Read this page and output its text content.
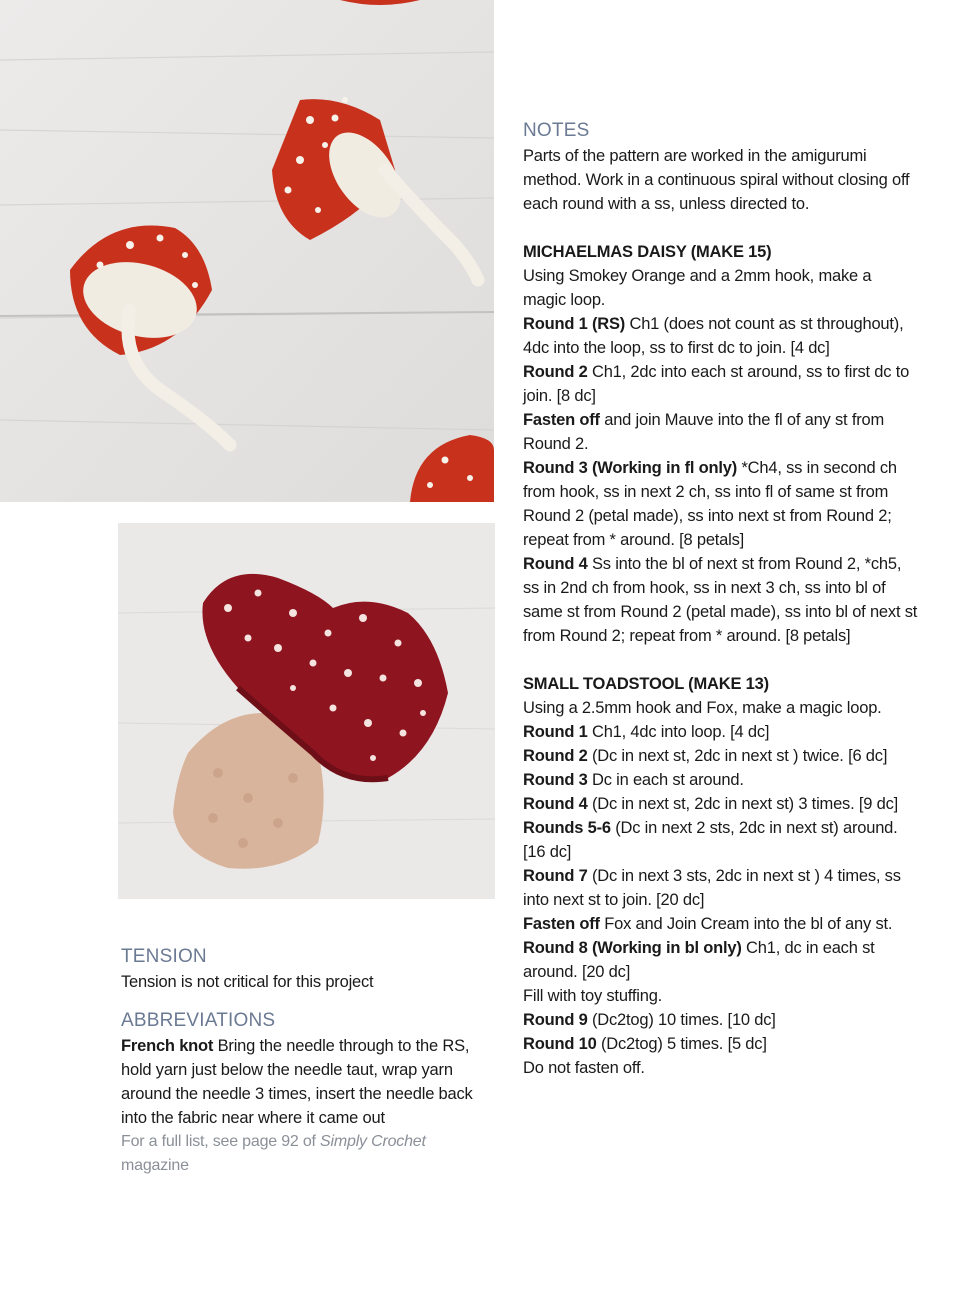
NOTES

Parts of the pattern are worked in the amigurumi method. Work in a continuous spiral without closing off each round with a ss, unless directed to.

MICHAELMAS DAISY (MAKE 15)

Using Smokey Orange and a 2mm hook, make a magic loop.

Round 1 (RS) Ch1 (does not count as st throughout), 4dc into the loop, ss to first dc to join. [4 dc]

Round 2 Ch1, 2dc into each st around, ss to first dc to join. [8 dc]

Fasten off and join Mauve into the fl of any st from Round 2.

Round 3 (Working in fl only) *Ch4, ss in second ch from hook, ss in next 2 ch, ss into fl of same st from Round 2 (petal made), ss into next st from Round 2; repeat from * around. [8 petals]

Round 4 Ss into the bl of next st from Round 2, *ch5, ss in 2nd ch from hook, ss in next 3 ch, ss into bl of same st from Round 2 (petal made), ss into bl of next st from Round 2; repeat from * around. [8 petals]

SMALL TOADSTOOL (MAKE 13)

Using a 2.5mm hook and Fox, make a magic loop.

Round 1 Ch1, 4dc into loop. [4 dc]

Round 2 (Dc in next st, 2dc in next st ) twice. [6 dc]

Round 3 Dc in each st around.

Round 4 (Dc in next st, 2dc in next st) 3 times. [9 dc]

Rounds 5-6 (Dc in next 2 sts, 2dc in next st) around. [16 dc]

Round 7 (Dc in next 3 sts, 2dc in next st ) 4 times, ss into next st to join. [20 dc]

Fasten off Fox and Join Cream into the bl of any st.

Round 8 (Working in bl only) Ch1, dc in each st around. [20 dc]

Fill with toy stuffing.

Round 9 (Dc2tog) 10 times. [10 dc]

Round 10 (Dc2tog) 5 times. [5 dc]

Do not fasten off.

TENSION

Tension is not critical for this project

ABBREVIATIONS

French knot Bring the needle through to the RS, hold yarn just below the needle taut, wrap yarn around the needle 3 times, insert the needle back into the fabric near where it came out

For a full list, see page 92 of Simply Crochet magazine
